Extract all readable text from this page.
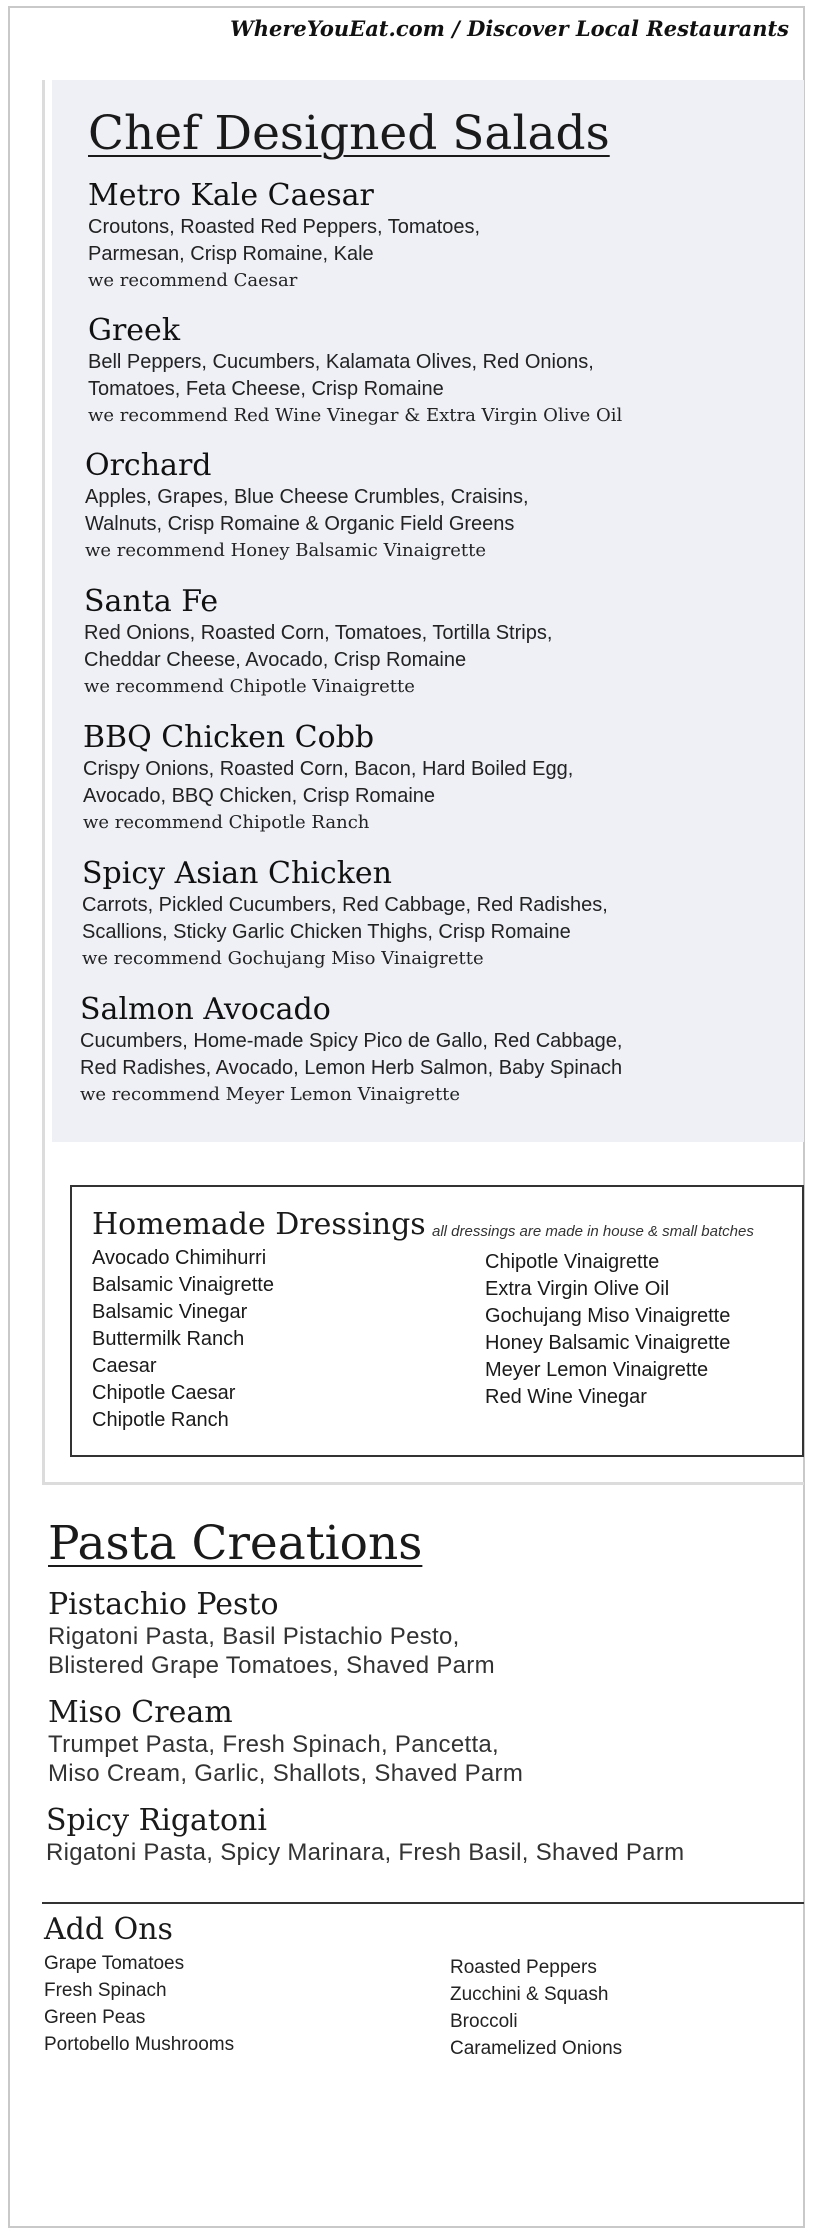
WhereYouEat.com / Discover Local Restaurants
Chef Designed Salads
Metro Kale Caesar

Croutons, Roasted Red Peppers, Tomatoes,

Parmesan, Crisp Romaine, Kale

we recommend Caesar

Greek

Bell Peppers, Cucumbers, Kalamata Olives, Red Onions,

Tomatoes, Feta Cheese, Crisp Romaine

we recommend Red Wine Vinegar & Extra Virgin Olive Oil

Orchard

Apples, Grapes, Blue Cheese Crumbles, Craisins,

Walnuts, Crisp Romaine & Organic Field Greens

we recommend Honey Balsamic Vinaigrette

Santa Fe

Red Onions, Roasted Corn, Tomatoes, Tortilla Strips,

Cheddar Cheese, Avocado, Crisp Romaine

we recommend Chipotle Vinaigrette

BBQ Chicken Cobb

Crispy Onions, Roasted Corn, Bacon, Hard Boiled Egg,

Avocado, BBQ Chicken, Crisp Romaine

we recommend Chipotle Ranch

Spicy Asian Chicken

Carrots, Pickled Cucumbers, Red Cabbage, Red Radishes,

Scallions, Sticky Garlic Chicken Thighs, Crisp Romaine

we recommend Gochujang Miso Vinaigrette

Salmon Avocado

Cucumbers, Home-made Spicy Pico de Gallo, Red Cabbage,

Red Radishes, Avocado, Lemon Herb Salmon, Baby Spinach

we recommend Meyer Lemon Vinaigrette

Homemade Dressings all dressings are made in house & small batches
Avocado Chimihurri
Balsamic Vinaigrette
Balsamic Vinegar
Buttermilk Ranch
Caesar
Chipotle Caesar
Chipotle Ranch
Chipotle Vinaigrette
Extra Virgin Olive Oil
Gochujang Miso Vinaigrette
Honey Balsamic Vinaigrette
Meyer Lemon Vinaigrette
Red Wine Vinegar
Pasta Creations
Pistachio Pesto

Rigatoni Pasta, Basil Pistachio Pesto,

Blistered Grape Tomatoes, Shaved Parm

Miso Cream

Trumpet Pasta, Fresh Spinach, Pancetta,

Miso Cream, Garlic, Shallots, Shaved Parm

Spicy Rigatoni

Rigatoni Pasta, Spicy Marinara, Fresh Basil, Shaved Parm

Add Ons
Grape Tomatoes
Fresh Spinach
Green Peas
Portobello Mushrooms
Roasted Peppers
Zucchini & Squash
Broccoli
Caramelized Onions
